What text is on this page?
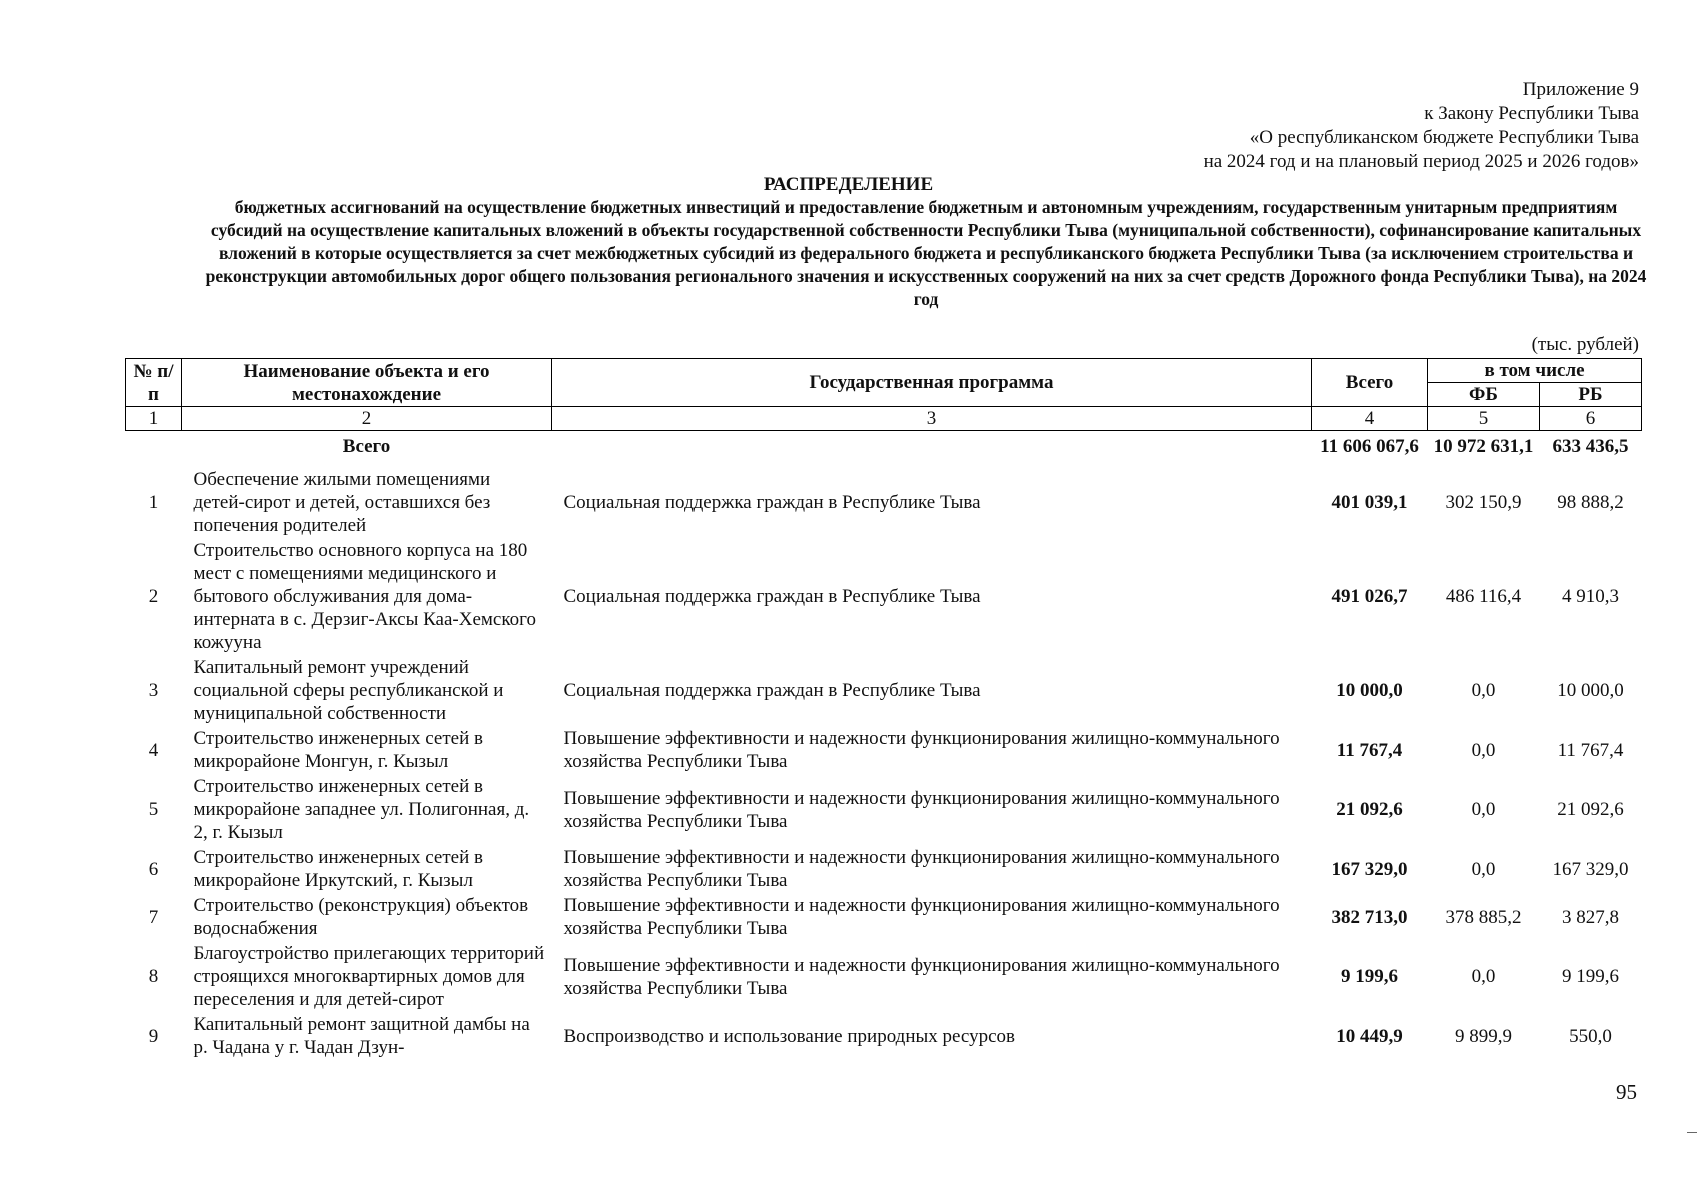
Приложение 9
к Закону Республики Тыва
«О республиканском бюджете Республики Тыва
на 2024 год и на плановый период 2025 и 2026 годов»
РАСПРЕДЕЛЕНИЕ
бюджетных ассигнований на осуществление бюджетных инвестиций и предоставление бюджетным и автономным учреждениям, государственным унитарным предприятиям субсидий на осуществление капитальных вложений в объекты государственной собственности Республики Тыва (муниципальной собственности), софинансирование капитальных вложений в которые осуществляется за счет межбюджетных субсидий из федерального бюджета и республиканского бюджета Республики Тыва (за исключением строительства и реконструкции автомобильных дорог общего пользования регионального значения и искусственных сооружений на них за счет средств Дорожного фонда Республики Тыва), на 2024 год
(тыс. рублей)
№ п/п	Наименование объекта и его местонахождение	Государственная программа	Всего	в том числе	
				ФБ	РБ
1	2	3	4	5	6
	Всего		11 606 067,6	10 972 631,1	633 436,5
1	Обеспечение жилыми помещениями детей-сирот и детей, оставшихся без попечения родителей	Социальная поддержка граждан в Республике Тыва	401 039,1	302 150,9	98 888,2
2	Строительство основного корпуса на 180 мест с помещениями медицинского и бытового обслуживания для дома-интерната в с. Дерзиг-Аксы Каа-Хемского кожууна	Социальная поддержка граждан в Республике Тыва	491 026,7	486 116,4	4 910,3
3	Капитальный ремонт учреждений социальной сферы республиканской и муниципальной собственности	Социальная поддержка граждан в Республике Тыва	10 000,0	0,0	10 000,0
4	Строительство инженерных сетей в микрорайоне Монгун, г. Кызыл	Повышение эффективности и надежности функционирования жилищно-коммунального хозяйства Республики Тыва	11 767,4	0,0	11 767,4
5	Строительство инженерных сетей в микрорайоне западнее ул. Полигонная, д. 2, г. Кызыл	Повышение эффективности и надежности функционирования жилищно-коммунального хозяйства Республики Тыва	21 092,6	0,0	21 092,6
6	Строительство инженерных сетей в микрорайоне Иркутский, г. Кызыл	Повышение эффективности и надежности функционирования жилищно-коммунального хозяйства Республики Тыва	167 329,0	0,0	167 329,0
7	Строительство (реконструкция) объектов водоснабжения	Повышение эффективности и надежности функционирования жилищно-коммунального хозяйства Республики Тыва	382 713,0	378 885,2	3 827,8
8	Благоустройство прилегающих территорий строящихся многоквартирных домов для переселения и для детей-сирот	Повышение эффективности и надежности функционирования жилищно-коммунального хозяйства Республики Тыва	9 199,6	0,0	9 199,6
9	Капитальный ремонт защитной дамбы на р. Чадана у г. Чадан Дзун-	Воспроизводство и использование природных ресурсов	10 449,9	9 899,9	550,0
95
